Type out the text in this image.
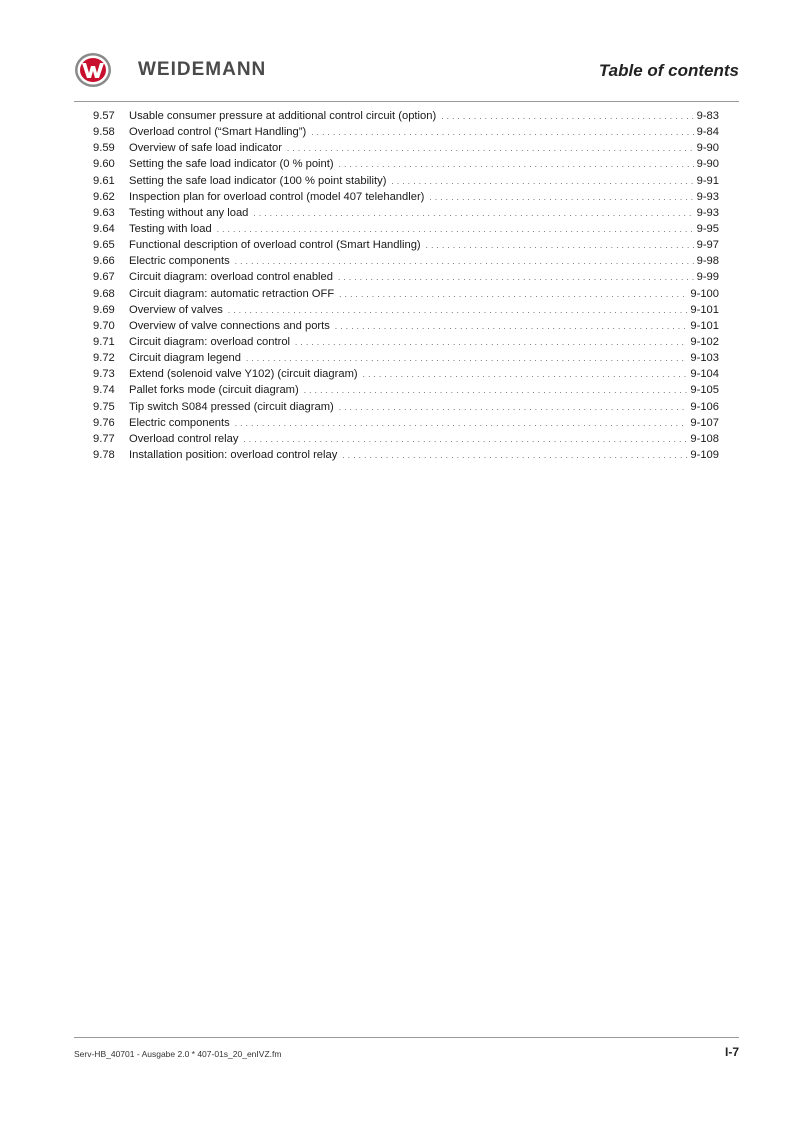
WEIDEMANN	Table of contents
9.57	Usable consumer pressure at additional control circuit (option) . . .	9-83
9.58	Overload control (“Smart Handling”) . . .	9-84
9.59	Overview of safe load indicator . . .	9-90
9.60	Setting the safe load indicator (0 % point) . . .	9-90
9.61	Setting the safe load indicator (100 % point stability) . . .	9-91
9.62	Inspection plan for overload control (model 407 telehandler) . . .	9-93
9.63	Testing without any load . . .	9-93
9.64	Testing with load . . .	9-95
9.65	Functional description of overload control (Smart Handling) . . .	9-97
9.66	Electric components . . .	9-98
9.67	Circuit diagram: overload control enabled . . .	9-99
9.68	Circuit diagram: automatic retraction OFF . . .	9-100
9.69	Overview of valves . . .	9-101
9.70	Overview of valve connections and ports . . .	9-101
9.71	Circuit diagram: overload control . . .	9-102
9.72	Circuit diagram legend . . .	9-103
9.73	Extend (solenoid valve Y102) (circuit diagram) . . .	9-104
9.74	Pallet forks mode (circuit diagram) . . .	9-105
9.75	Tip switch S084 pressed (circuit diagram) . . .	9-106
9.76	Electric components . . .	9-107
9.77	Overload control relay . . .	9-108
9.78	Installation position: overload control relay . . .	9-109
Serv-HB_40701 - Ausgabe 2.0 * 407-01s_20_enIVZ.fm	I-7
